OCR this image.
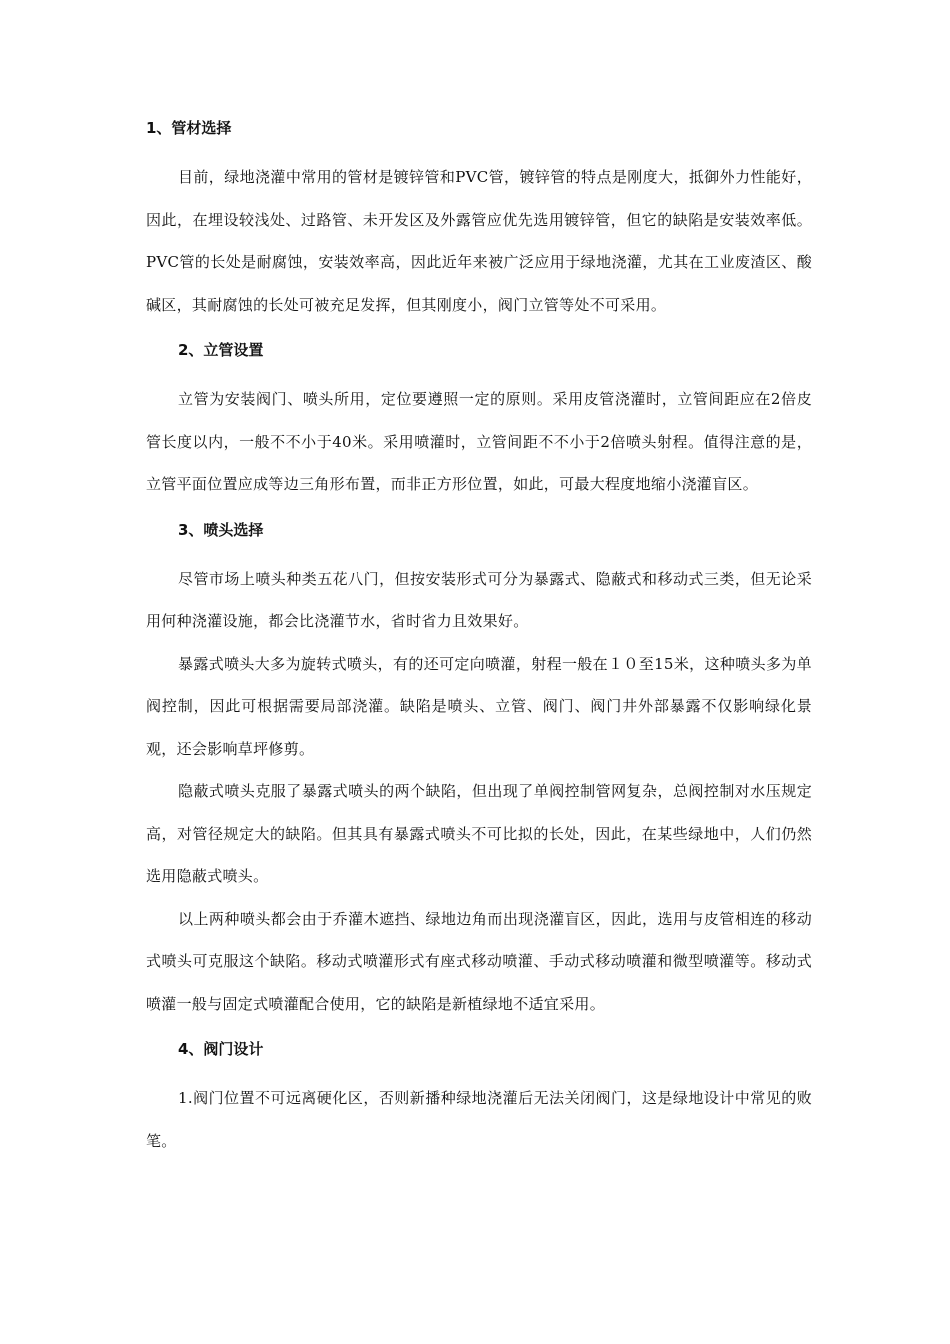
1、管材选择

目前，绿地浇灌中常用的管材是镀锌管和PVC管，镀锌管的特点是刚度大，抵御外力性能好，因此，在埋设较浅处、过路管、未开发区及外露管应优先选用镀锌管，但它的缺陷是安装效率低。PVC管的长处是耐腐蚀，安装效率高，因此近年来被广泛应用于绿地浇灌，尤其在工业废渣区、酸碱区，其耐腐蚀的长处可被充足发挥，但其刚度小，阀门立管等处不可采用。

2、立管设置

立管为安装阀门、喷头所用，定位要遵照一定的原则。采用皮管浇灌时，立管间距应在2倍皮管长度以内，一般不不小于40米。采用喷灌时，立管间距不不小于2倍喷头射程。值得注意的是，立管平面位置应成等边三角形布置，而非正方形位置，如此，可最大程度地缩小浇灌盲区。

3、喷头选择

尽管市场上喷头种类五花八门，但按安装形式可分为暴露式、隐蔽式和移动式三类，但无论采用何种浇灌设施，都会比浇灌节水，省时省力且效果好。

暴露式喷头大多为旋转式喷头，有的还可定向喷灌，射程一般在１０至15米，这种喷头多为单阀控制，因此可根据需要局部浇灌。缺陷是喷头、立管、阀门、阀门井外部暴露不仅影响绿化景观，还会影响草坪修剪。

隐蔽式喷头克服了暴露式喷头的两个缺陷，但出现了单阀控制管网复杂，总阀控制对水压规定高，对管径规定大的缺陷。但其具有暴露式喷头不可比拟的长处，因此，在某些绿地中，人们仍然选用隐蔽式喷头。

以上两种喷头都会由于乔灌木遮挡、绿地边角而出现浇灌盲区，因此，选用与皮管相连的移动式喷头可克服这个缺陷。移动式喷灌形式有座式移动喷灌、手动式移动喷灌和微型喷灌等。移动式喷灌一般与固定式喷灌配合使用，它的缺陷是新植绿地不适宜采用。

4、阀门设计

1.阀门位置不可远离硬化区，否则新播种绿地浇灌后无法关闭阀门，这是绿地设计中常见的败笔。
